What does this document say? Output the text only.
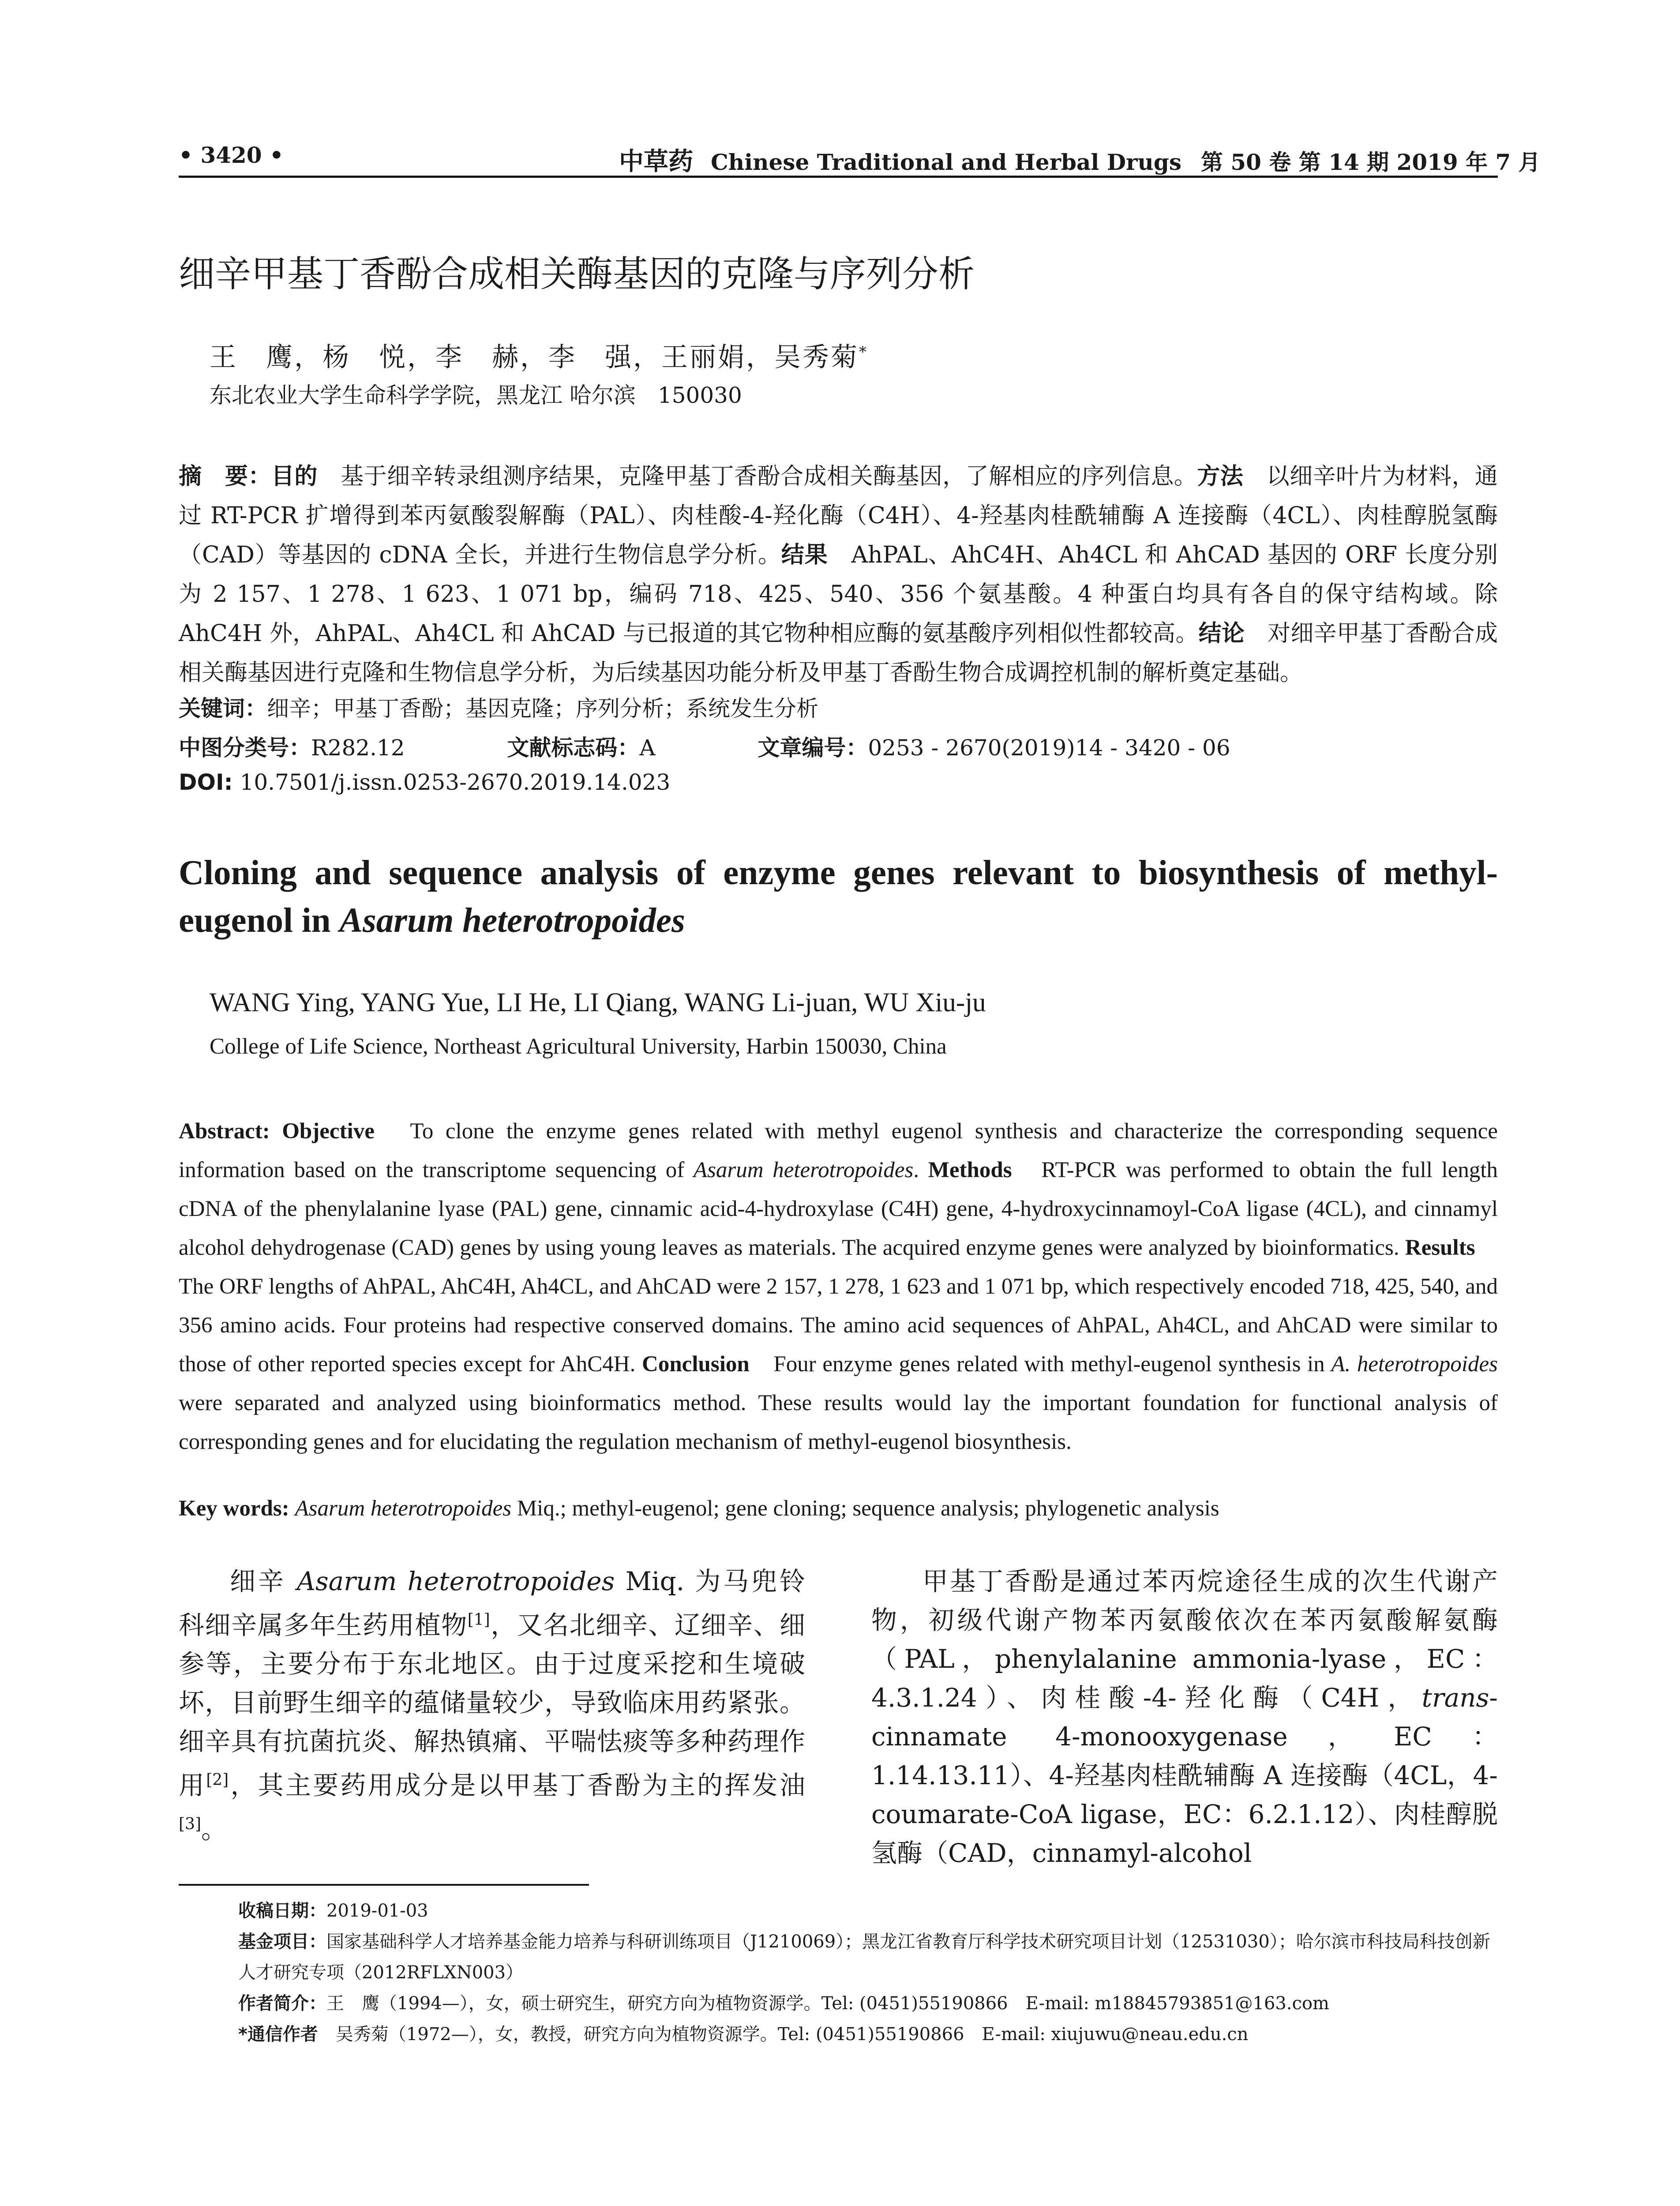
• 3420 •	中草药 Chinese Traditional and Herbal Drugs 第 50 卷 第 14 期 2019 年 7 月
细辛甲基丁香酚合成相关酶基因的克隆与序列分析
王　鹰，杨　悦，李　赫，李　强，王丽娟，吴秀菊*
东北农业大学生命科学学院，黑龙江 哈尔滨　150030
摘　要：目的　基于细辛转录组测序结果，克隆甲基丁香酚合成相关酶基因，了解相应的序列信息。方法　以细辛叶片为材料，通过 RT-PCR 扩增得到苯丙氨酸裂解酶（PAL）、肉桂酸-4-羟化酶（C4H）、4-羟基肉桂酰辅酶 A 连接酶（4CL）、肉桂醇脱氢酶（CAD）等基因的 cDNA 全长，并进行生物信息学分析。结果　AhPAL、AhC4H、Ah4CL 和 AhCAD 基因的 ORF 长度分别为 2 157、1 278、1 623、1 071 bp，编码 718、425、540、356 个氨基酸。4 种蛋白均具有各自的保守结构域。除 AhC4H 外，AhPAL、Ah4CL 和 AhCAD 与已报道的其它物种相应酶的氨基酸序列相似性都较高。结论　对细辛甲基丁香酚合成相关酶基因进行克隆和生物信息学分析，为后续基因功能分析及甲基丁香酚生物合成调控机制的解析奠定基础。
关键词：细辛；甲基丁香酚；基因克隆；序列分析；系统发生分析
中图分类号：R282.12	文献标志码：A	文章编号：0253 - 2670(2019)14 - 3420 - 06
DOI: 10.7501/j.issn.0253-2670.2019.14.023
Cloning and sequence analysis of enzyme genes relevant to biosynthesis of methyl-eugenol in Asarum heterotropoides
WANG Ying, YANG Yue, LI He, LI Qiang, WANG Li-juan, WU Xiu-ju
College of Life Science, Northeast Agricultural University, Harbin 150030, China
Abstract: Objective　To clone the enzyme genes related with methyl eugenol synthesis and characterize the corresponding sequence information based on the transcriptome sequencing of Asarum heterotropoides. Methods　RT-PCR was performed to obtain the full length cDNA of the phenylalanine lyase (PAL) gene, cinnamic acid-4-hydroxylase (C4H) gene, 4-hydroxycinnamoyl-CoA ligase (4CL), and cinnamyl alcohol dehydrogenase (CAD) genes by using young leaves as materials. The acquired enzyme genes were analyzed by bioinformatics. Results　The ORF lengths of AhPAL, AhC4H, Ah4CL, and AhCAD were 2 157, 1 278, 1 623 and 1 071 bp, which respectively encoded 718, 425, 540, and 356 amino acids. Four proteins had respective conserved domains. The amino acid sequences of AhPAL, Ah4CL, and AhCAD were similar to those of other reported species except for AhC4H. Conclusion　Four enzyme genes related with methyl-eugenol synthesis in A. heterotropoides were separated and analyzed using bioinformatics method. These results would lay the important foundation for functional analysis of corresponding genes and for elucidating the regulation mechanism of methyl-eugenol biosynthesis.
Key words: Asarum heterotropoides Miq.; methyl-eugenol; gene cloning; sequence analysis; phylogenetic analysis

细辛 Asarum heterotropoides Miq. 为马兜铃科细辛属多年生药用植物[1]，又名北细辛、辽细辛、细参等，主要分布于东北地区。由于过度采挖和生境破坏，目前野生细辛的蕴储量较少，导致临床用药紧张。细辛具有抗菌抗炎、解热镇痛、平喘怯痰等多种药理作用[2]，其主要药用成分是以甲基丁香酚为主的挥发油[3]。

甲基丁香酚是通过苯丙烷途径生成的次生代谢产物，初级代谢产物苯丙氨酸依次在苯丙氨酸解氨酶（PAL，phenylalanine ammonia-lyase，EC：4.3.1.24）、肉桂酸-4-羟化酶（C4H，trans-cinnamate 4-monooxygenase，EC：1.14.13.11）、4-羟基肉桂酰辅酶 A 连接酶（4CL，4-coumarate-CoA ligase，EC：6.2.1.12）、肉桂醇脱氢酶（CAD，cinnamyl-alcohol

收稿日期：2019-01-03
基金项目：国家基础科学人才培养基金能力培养与科研训练项目（J1210069）；黑龙江省教育厅科学技术研究项目计划（12531030）；哈尔滨市科技局科技创新人才研究专项（2012RFLXN003）
作者简介：王　鹰（1994—），女，硕士研究生，研究方向为植物资源学。Tel: (0451)55190866　E-mail: m18845793851@163.com
*通信作者　吴秀菊（1972—），女，教授，研究方向为植物资源学。Tel: (0451)55190866　E-mail: xiujuwu@neau.edu.cn
